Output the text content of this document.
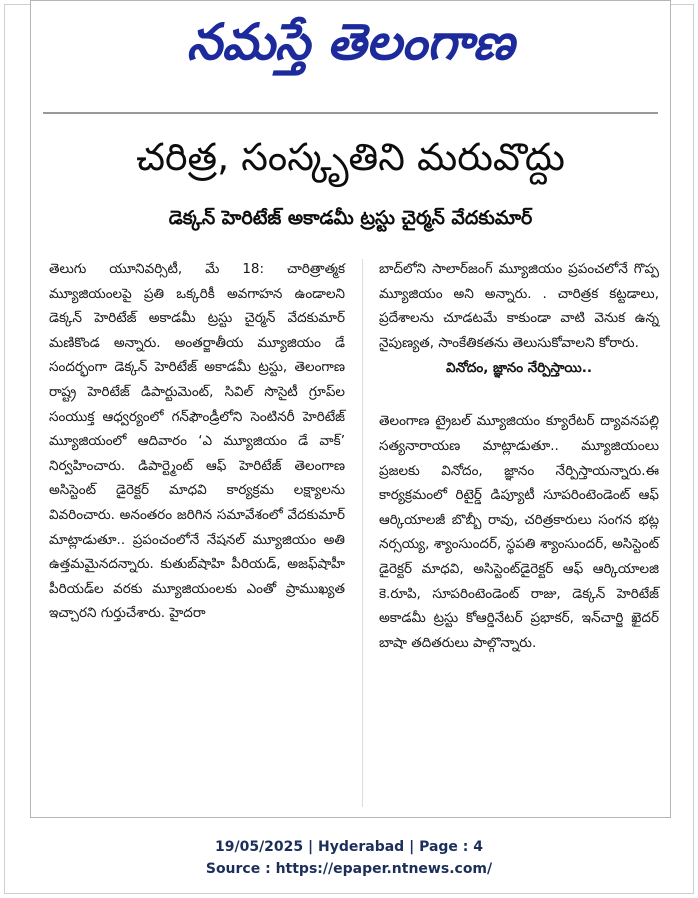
నమస్తే తెలంగాణ
చరిత్ర, సంస్కృతిని మరువొద్దు
డెక్కన్ హెరిటేజ్ అకాడమీ ట్రస్టు చైర్మన్ వేదకుమార్

తెలుగు యూనివర్సిటీ, మే 18: చారిత్రాత్మక మ్యూజియంలపై ప్రతి ఒక్కరికీ అవగాహన ఉండాలని డెక్కన్ హెరిటేజ్ అకాడమీ ట్రస్టు చైర్మన్ వేదకుమార్ మణికొండ అన్నారు. అంతర్జాతీయ మ్యూజియం డే సందర్భంగా డెక్కన్ హెరిటేజ్ అకాడమీ ట్రస్టు, తెలంగాణ రాష్ట్ర హెరిటేజ్ డిపార్టుమెంట్, సివిల్ సొసైటీ గ్రూప్‌ల సంయుక్త ఆధ్వర్యంలో గన్‌ఫౌండ్రీలోని సెంటినరీ హెరిటేజ్ మ్యూజియంలో ఆదివారం ‘ఎ మ్యూజియం డే వాక్’ నిర్వహించారు. డిపార్ట్మెంట్ ఆఫ్ హెరిటేజ్ తెలంగాణ అసిస్టెంట్ డైరెక్టర్ మాధవి కార్యక్రమ లక్ష్యాలను వివరించారు. అనంతరం జరిగిన సమావేశంలో వేదకుమార్ మాట్లాడుతూ.. ప్రపంచంలోనే నేషనల్ మ్యూజియం అతి ఉత్తమమైనదన్నారు. కుతుబ్‌షాహి పీరియడ్, అజఫ్‌షాహీ పీరియడ్‌ల వరకు మ్యూజియంలకు ఎంతో ప్రాముఖ్యత ఇచ్చారని గుర్తుచేశారు. హైదరా

బాద్‌లోని సాలార్‌జంగ్ మ్యూజియం ప్రపంచలోనే గొప్ప మ్యూజియం అని అన్నారు. . చారిత్రక కట్టడాలు, ప్రదేశాలను చూడటమే కాకుండా వాటి వెనుక ఉన్న నైపుణ్యత, సాంకేతికతను తెలుసుకోవాలని కోరారు.

వినోదం, జ్ఞానం నేర్పిస్తాయి..

తెలంగాణ ట్రైబల్ మ్యూజియం క్యూరేటర్ ద్యావనపల్లి సత్యనారాయణ మాట్లాడుతూ.. మ్యూజియంలు ప్రజలకు వినోదం, జ్ఞానం నేర్పిస్తాయన్నారు.ఈ కార్యక్రమంలో రిటైర్డ్ డిప్యూటీ సూపరింటెండెంట్ ఆఫ్ ఆర్కియాలజీ బొబ్బీ రావు, చరిత్రకారులు సంగన భట్ల నర్సయ్య, శ్యాంసుందర్, స్థపతి శ్యాంసుందర్, అసిస్టెంట్ డైరెక్టర్ మాధవి, అసిస్టెంట్‌డైరెక్టర్ ఆఫ్ ఆర్కియాలజి కె.రూపి, సూపరింటెండెంట్ రాజు, డెక్కన్ హెరిటేజ్ అకాడమీ ట్రస్టు కోఆర్డినేటర్ ప్రభాకర్, ఇన్‌చార్జి ఖైదర్ బాషా తదితరులు పాల్గొన్నారు.

19/05/2025 | Hyderabad | Page : 4
Source : https://epaper.ntnews.com/
